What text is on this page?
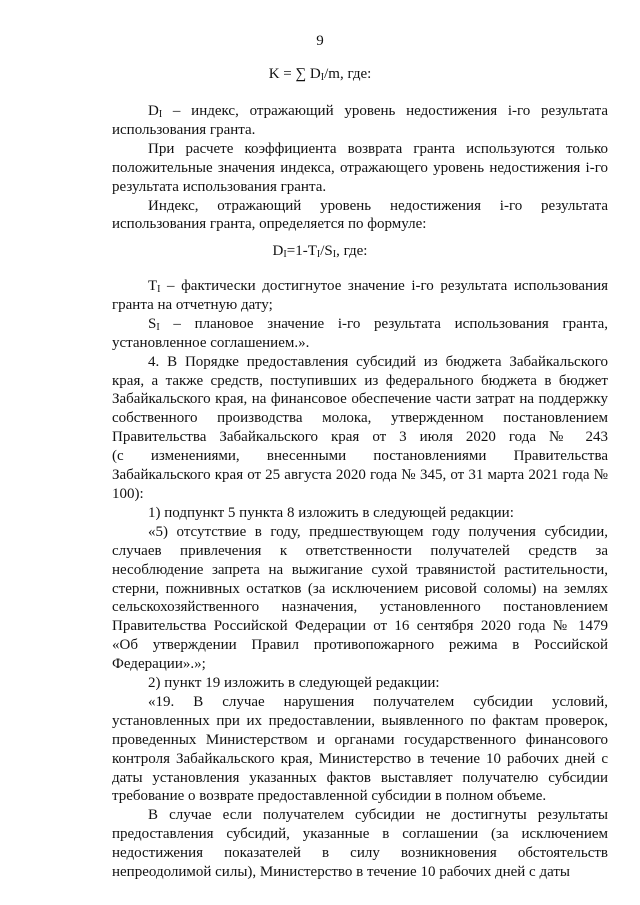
9
K = ∑ $D_I/m$, где:
$D_I$ – индекс, отражающий уровень недостижения i-го результата
использования гранта.
При расчете коэффициента возврата гранта используются только
положительные значения индекса, отражающего уровень недостижения i-го
результата использования гранта.
Индекс, отражающий уровень недостижения i-го результата
использования гранта, определяется по формуле:
$D_I=1-T_I/S_I$, где:
$T_I$ – фактически достигнутое значение i-го результата использования
гранта на отчетную дату;
$S_I$ – плановое значение i-го результата использования гранта,
установленное соглашением.».
4. В Порядке предоставления субсидий из бюджета Забайкальского
края, а также средств, поступивших из федерального бюджета в бюджет
Забайкальского края, на финансовое обеспечение части затрат на поддержку
собственного производства молока, утвержденном постановлением
Правительства Забайкальского края от 3 июля 2020 года № 243
(с изменениями, внесенными постановлениями Правительства
Забайкальского края от 25 августа 2020 года № 345, от 31 марта 2021 года №
100):
1) подпункт 5 пункта 8 изложить в следующей редакции:
«5) отсутствие в году, предшествующем году получения субсидии,
случаев привлечения к ответственности получателей средств за
несоблюдение запрета на выжигание сухой травянистой растительности,
стерни, пожнивных остатков (за исключением рисовой соломы) на землях
сельскохозяйственного назначения, установленного постановлением
Правительства Российской Федерации от 16 сентября 2020 года № 1479
«Об утверждении Правил противопожарного режима в Российской
Федерации».»;
2) пункт 19 изложить в следующей редакции:
«19. В случае нарушения получателем субсидии условий,
установленных при их предоставлении, выявленного по фактам проверок,
проведенных Министерством и органами государственного финансового
контроля Забайкальского края, Министерство в течение 10 рабочих дней с
даты установления указанных фактов выставляет получателю субсидии
требование о возврате предоставленной субсидии в полном объеме.
В случае если получателем субсидии не достигнуты результаты
предоставления субсидий, указанные в соглашении (за исключением
недостижения показателей в силу возникновения обстоятельств
непреодолимой силы), Министерство в течение 10 рабочих дней с даты
